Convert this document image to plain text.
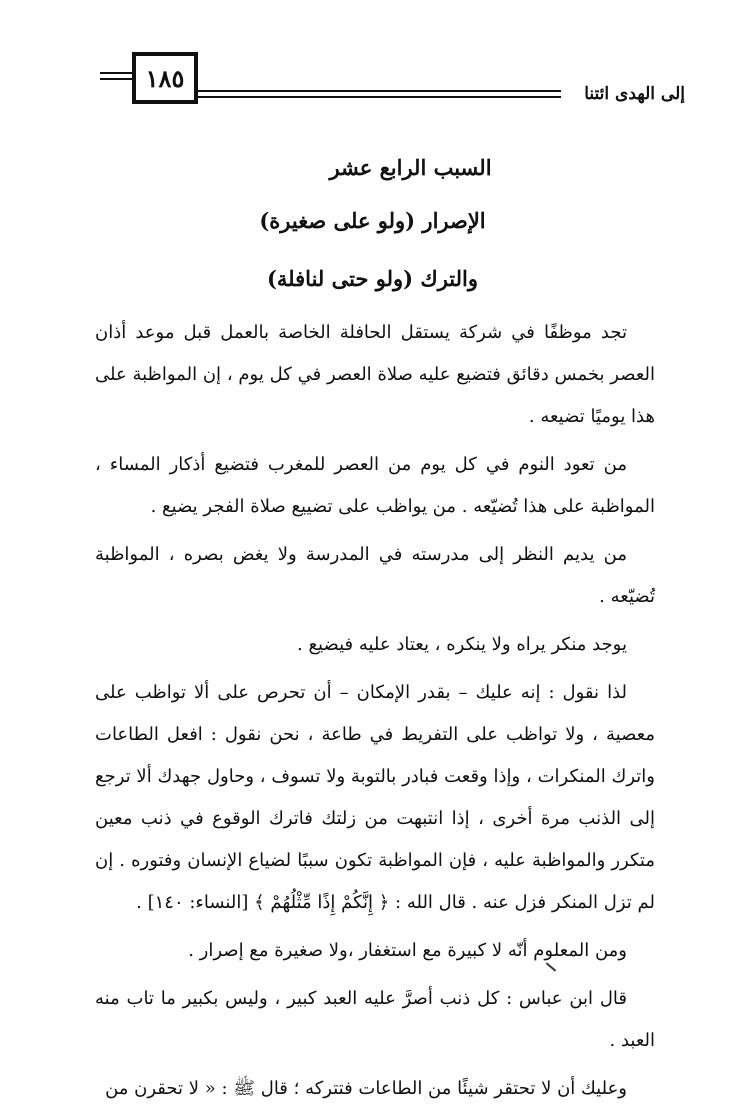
١٨٥
إلى الهدى ائتنا
السبب الرابع عشر
الإصرار (ولو على صغيرة)
والترك (ولو حتى لنافلة)

تجد موظفًا في شركة يستقل الحافلة الخاصة بالعمل قبل موعد أذان العصر بخمس دقائق فتضيع عليه صلاة العصر في كل يوم ، إن المواظبة على هذا يوميًا تضيعه .

من تعود النوم في كل يوم من العصر للمغرب فتضيع أذكار المساء ، المواظبة على هذا تُضيّعه . من يواظب على تضييع صلاة الفجر يضيع .

من يديم النظر إلى مدرسته في المدرسة ولا يغض بصره ، المواظبة تُضيّعه .

يوجد منكر يراه ولا ينكره ، يعتاد عليه فيضيع .

لذا نقول : إنه عليك – بقدر الإمكان – أن تحرص على ألا تواظب على معصية ، ولا تواظب على التفريط في طاعة ، نحن نقول : افعل الطاعات واترك المنكرات ، وإذا وقعت فبادر بالتوبة ولا تسوف ، وحاول جهدك ألا ترجع إلى الذنب مرة أخرى ، إذا انتبهت من زلتك فاترك الوقوع في ذنب معين متكرر والمواظبة عليه ، فإن المواظبة تكون سببًا لضياع الإنسان وفتوره . إن لم تزل المنكر فزل عنه . قال الله : ﴿ إِنَّكُمْ إِذًا مِّثْلُهُمْ ﴾ [النساء: ١٤٠] .

ومن المعلوم أنّه لا كبيرة مع استغفار ،ولا صغيرة مع إصرار .

قال ابن عباس : كل ذنب أصرَّ عليه العبد كبير ، وليس بكبير ما تاب منه العبد .

وعليك أن لا تحتقر شيئًا من الطاعات فتتركه ؛ قال ﷺ : « لا تحقرن من
